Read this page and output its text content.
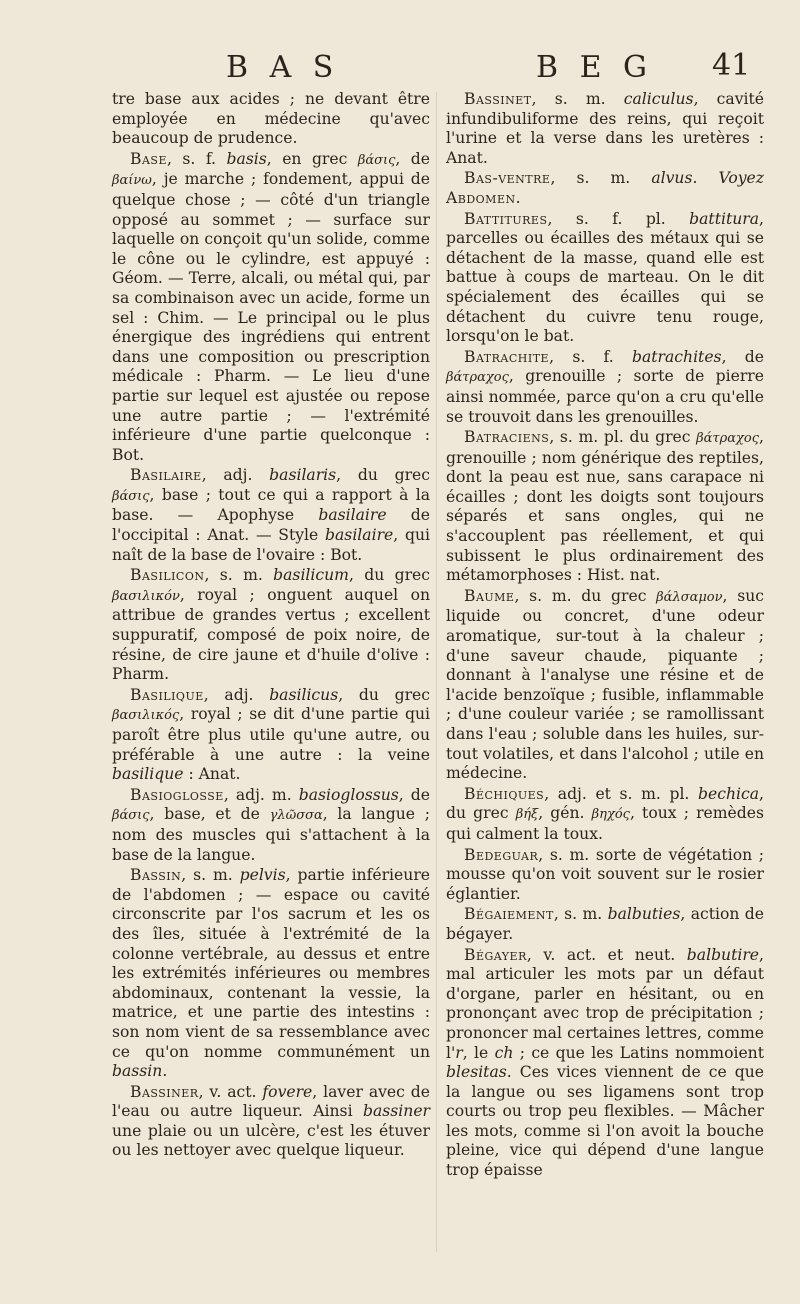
B A S	B E G 41

tre base aux acides ; ne devant être employée en médecine qu'avec beaucoup de prudence.

Base, s. f. basis, en grec βάσις, de βαίνω, je marche ; fondement, appui de quelque chose ; — côté d'un triangle opposé au sommet ; — surface sur laquelle on conçoit qu'un solide, comme le cône ou le cylindre, est appuyé : Géom. — Terre, alcali, ou métal qui, par sa combinaison avec un acide, forme un sel : Chim. — Le principal ou le plus énergique des ingrédiens qui entrent dans une composition ou prescription médicale : Pharm. — Le lieu d'une partie sur lequel est ajustée ou repose une autre partie ; — l'extrémité inférieure d'une partie quelconque : Bot.

Basilaire, adj. basilaris, du grec βάσις, base ; tout ce qui a rapport à la base. — Apophyse basilaire de l'occipital : Anat. — Style basilaire, qui naît de la base de l'ovaire : Bot.

Basilicon, s. m. basilicum, du grec βασιλικόν, royal ; onguent auquel on attribue de grandes vertus ; excellent suppuratif, composé de poix noire, de résine, de cire jaune et d'huile d'olive : Pharm.

Basilique, adj. basilicus, du grec βασιλικός, royal ; se dit d'une partie qui paroît être plus utile qu'une autre, ou préférable à une autre : la veine basilique : Anat.

Basioglosse, adj. m. basioglossus, de βάσις, base, et de γλῶσσα, la langue ; nom des muscles qui s'attachent à la base de la langue.

Bassin, s. m. pelvis, partie inférieure de l'abdomen ; — espace ou cavité circonscrite par l'os sacrum et les os des îles, située à l'extrémité de la colonne vertébrale, au dessus et entre les extrémités inférieures ou membres abdominaux, contenant la vessie, la matrice, et une partie des intestins : son nom vient de sa ressemblance avec ce qu'on nomme communément un bassin.

Bassiner, v. act. fovere, laver avec de l'eau ou autre liqueur. Ainsi bassiner une plaie ou un ulcère, c'est les étuver ou les nettoyer avec quelque liqueur.

Bassinet, s. m. caliculus, cavité infundibuliforme des reins, qui reçoit l'urine et la verse dans les uretères : Anat.

Bas-ventre, s. m. alvus. Voyez Abdomen.

Battitures, s. f. pl. battitura, parcelles ou écailles des métaux qui se détachent de la masse, quand elle est battue à coups de marteau. On le dit spécialement des écailles qui se détachent du cuivre tenu rouge, lorsqu'on le bat.

Batrachite, s. f. batrachites, de βάτραχος, grenouille ; sorte de pierre ainsi nommée, parce qu'on a cru qu'elle se trouvoit dans les grenouilles.

Batraciens, s. m. pl. du grec βάτραχος, grenouille ; nom générique des reptiles, dont la peau est nue, sans carapace ni écailles ; dont les doigts sont toujours séparés et sans ongles, qui ne s'accouplent pas réellement, et qui subissent le plus ordinairement des métamorphoses : Hist. nat.

Baume, s. m. du grec βάλσαμον, suc liquide ou concret, d'une odeur aromatique, sur-tout à la chaleur ; d'une saveur chaude, piquante ; donnant à l'analyse une résine et de l'acide benzoïque ; fusible, inflammable ; d'une couleur variée ; se ramollissant dans l'eau ; soluble dans les huiles, sur-tout volatiles, et dans l'alcohol ; utile en médecine.

Béchiques, adj. et s. m. pl. bechica, du grec βήξ, gén. βηχός, toux ; remèdes qui calment la toux.

Bedeguar, s. m. sorte de végétation ; mousse qu'on voit souvent sur le rosier églantier.

Bégaiement, s. m. balbuties, action de bégayer.

Bégayer, v. act. et neut. balbutire, mal articuler les mots par un défaut d'organe, parler en hésitant, ou en prononçant avec trop de précipitation ; prononcer mal certaines lettres, comme l'r, le ch ; ce que les Latins nommoient blesitas. Ces vices viennent de ce que la langue ou ses ligamens sont trop courts ou trop peu flexibles. — Mâcher les mots, comme si l'on avoit la bouche pleine, vice qui dépend d'une langue trop épaisse
